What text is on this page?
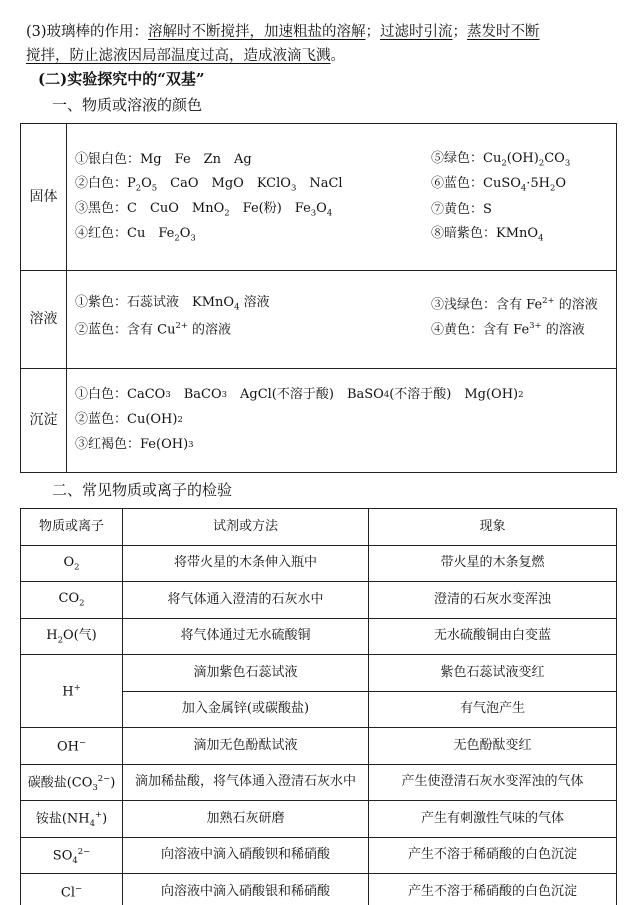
(3)玻璃棒的作用：溶解时不断搅拌，加速粗盐的溶解；过滤时引流；蒸发时不断
搅拌，防止滤液因局部温度过高，造成液滴飞溅。
(二)实验探究中的“双基”
一、物质或溶液的颜色
固体
①银白色：Mg　Fe　Zn　Ag	⑤绿色：$Cu_2(OH)_2CO_3$
②白色：$P_2O_5$　CaO　MgO　KClO$_3$　NaCl	⑥蓝色：$CuSO_4\cdot 5H_2O$
③黑色：C　CuO　MnO$_2$　Fe(粉)　$Fe_3O_4$	⑦黄色：S
④红色：Cu　$Fe_2O_3$	⑧暗紫色：KMnO$_4$
溶液
①紫色：石蕊试液　KMnO$_4$ 溶液	③浅绿色：含有 $Fe^{2+}$ 的溶液
②蓝色：含有 $Cu^{2+}$ 的溶液	④黄色：含有 $Fe^{3+}$ 的溶液
沉淀
①白色：CaCO 3 　BaCO 3 　AgCl(不溶于酸)　BaSO 4 (不溶于酸)　Mg(OH) 2
②蓝色：Cu(OH) 2
③红褐色：Fe(OH) 3
二、常见物质或离子的检验
物质或离子	试剂或方法	现象
$O_2$	将带火星的木条伸入瓶中	带火星的木条复燃
$CO_2$	将气体通入澄清的石灰水中	澄清的石灰水变浑浊
$H_2O$(气)	将气体通过无水硫酸铜	无水硫酸铜由白变蓝
H+	滴加紫色石蕊试液	紫色石蕊试液变红
	加入金属锌(或碳酸盐)	有气泡产生
OH−	滴加无色酚酞试液	无色酚酞变红
碳酸盐$(CO_3^{2-})$	滴加稀盐酸，将气体通入澄清石灰水中	产生使澄清石灰水变浑浊的气体
铵盐$(NH_4^+)$	加熟石灰研磨	产生有刺激性气味的气体
$SO_4^{2-}$	向溶液中滴入硝酸钡和稀硝酸	产生不溶于稀硝酸的白色沉淀
Cl−	向溶液中滴入硝酸银和稀硝酸	产生不溶于稀硝酸的白色沉淀
